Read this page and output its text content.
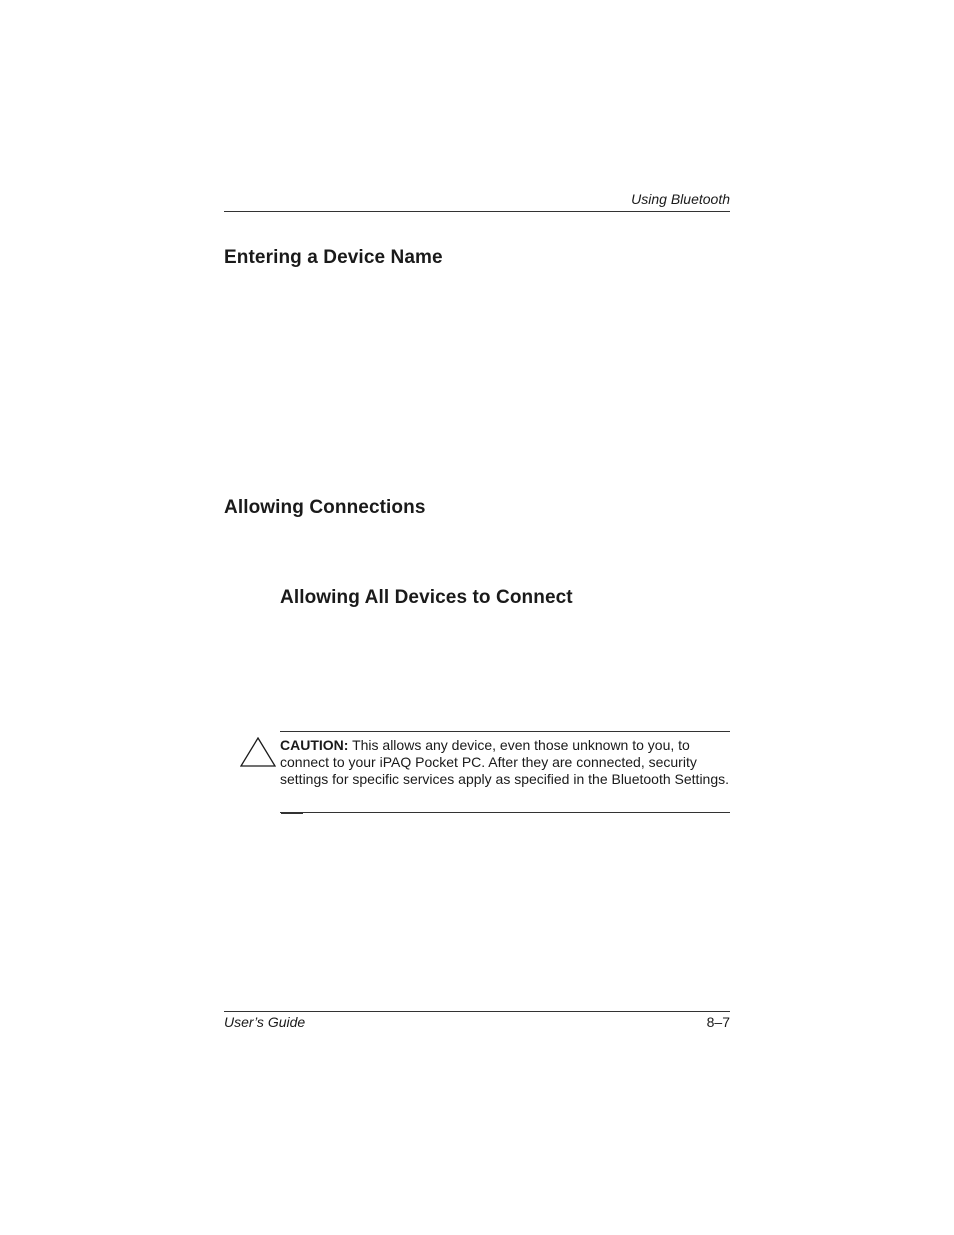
Using Bluetooth
Entering a Device Name
Allowing Connections
Allowing All Devices to Connect

CAUTION: This allows any device, even those unknown to you, to connect to your iPAQ Pocket PC. After they are connected, security settings for specific services apply as specified in the Bluetooth Settings.

User’s Guide	8–7
